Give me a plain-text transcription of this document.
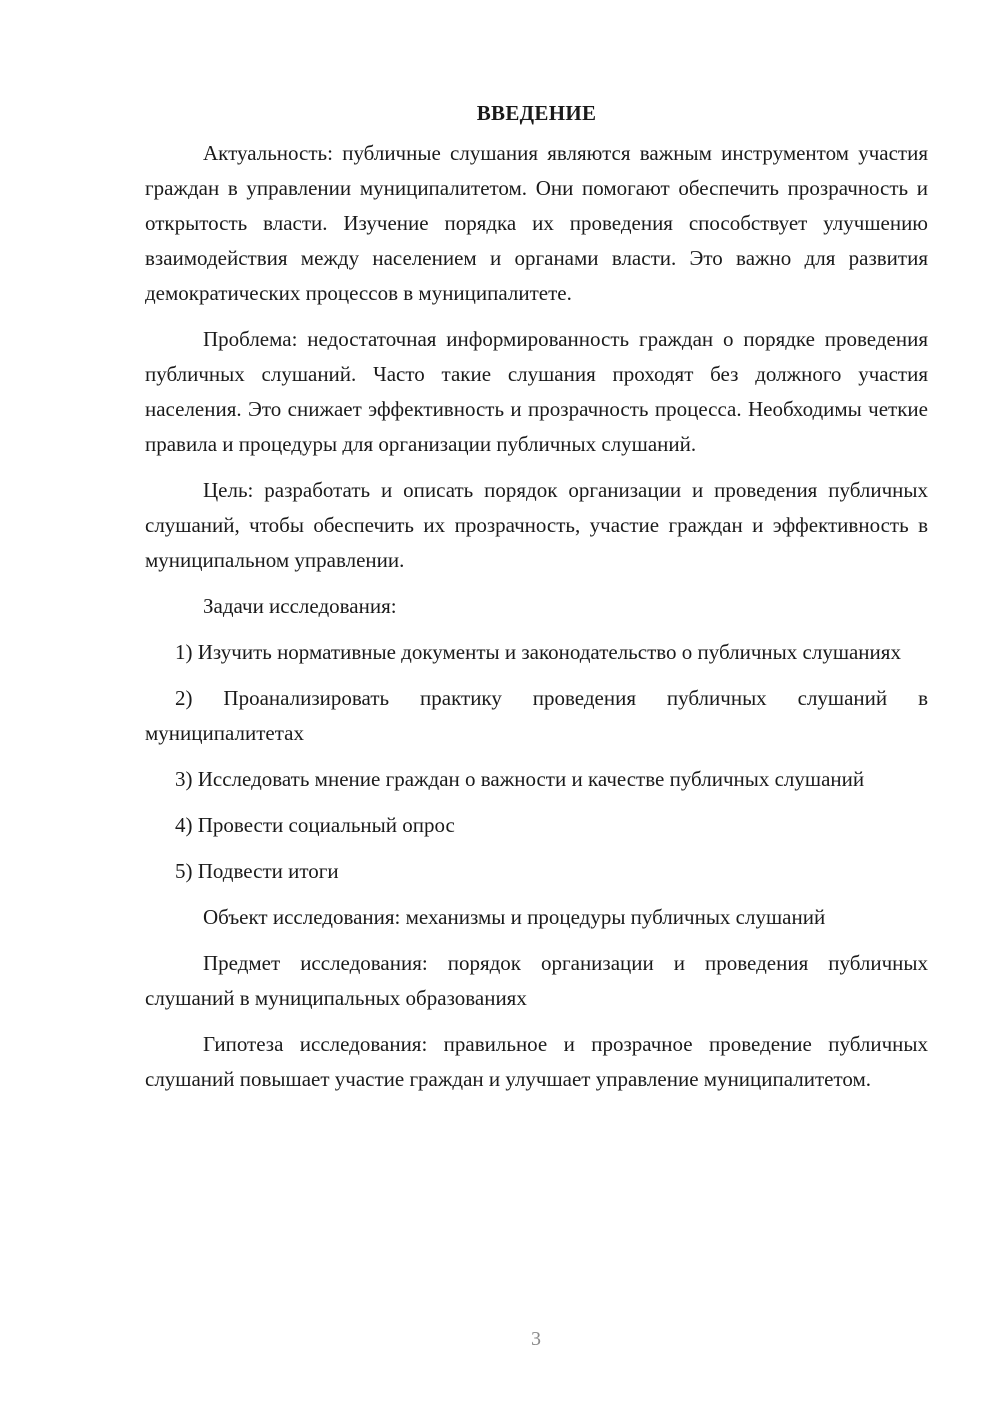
ВВЕДЕНИЕ

Актуальность: публичные слушания являются важным инструментом участия граждан в управлении муниципалитетом. Они помогают обеспечить прозрачность и открытость власти. Изучение порядка их проведения способствует улучшению взаимодействия между населением и органами власти. Это важно для развития демократических процессов в муниципалитете.

Проблема: недостаточная информированность граждан о порядке проведения публичных слушаний. Часто такие слушания проходят без должного участия населения. Это снижает эффективность и прозрачность процесса. Необходимы четкие правила и процедуры для организации публичных слушаний.

Цель: разработать и описать порядок организации и проведения публичных слушаний, чтобы обеспечить их прозрачность, участие граждан и эффективность в муниципальном управлении.

Задачи исследования:

1) Изучить нормативные документы и законодательство о публичных слушаниях

2) Проанализировать практику проведения публичных слушаний в муниципалитетах

3) Исследовать мнение граждан о важности и качестве публичных слушаний

4) Провести социальный опрос

5) Подвести итоги

Объект исследования: механизмы и процедуры публичных слушаний

Предмет исследования: порядок организации и проведения публичных слушаний в муниципальных образованиях

Гипотеза исследования: правильное и прозрачное проведение публичных слушаний повышает участие граждан и улучшает управление муниципалитетом.

3
